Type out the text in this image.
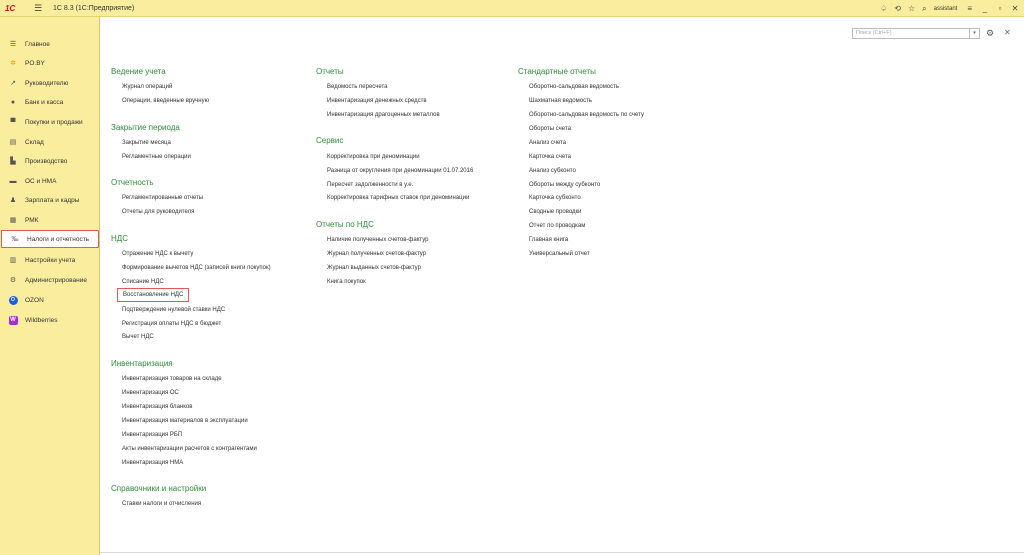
1С	☰ 1С 8.3 (1С:Предприятие)	♤ ⟲ ☆ ⌕ assistant ≡	_	▫	✕
☰ Главное
✲	PO.BY
↗	Руководителю
●	Банк и касса
▀	Покупки и продажи
▤ Склад
▙	Производство
▬ ОС и НМА
♟ Зарплата и кадры
▦ РМК
‰ Налоги и отчетность
▥ Настройки учета
⚙ Администрирование
O	OZON
W Wildberries
Поиск (Ctrl+F)	▾	⚙ ✕
Ведение учета
Журнал операций
Операции, введенные вручную
Закрытие периода
Закрытие месяца
Регламентные операции
Отчетность
Регламентированные отчеты
Отчеты для руководителя
НДС
Отражение НДС к вычету
Формирование вычетов НДС (записей книги покупок)
Списание НДС
Восстановление НДС
Подтверждение нулевой ставки НДС
Регистрация оплаты НДС в бюджет
Вычет НДС
Инвентаризация
Инвентаризация товаров на складе
Инвентаризация ОС
Инвентаризация бланков
Инвентаризация материалов в эксплуатации
Инвентаризация РБП
Акты инвентаризации расчетов с контрагентами
Инвентаризация НМА
Справочники и настройки
Ставки налоги и отчисления
Отчеты
Ведомость пересчета
Инвентаризация денежных средств
Инвентаризация драгоценных металлов
Сервис
Корректировка при деноминации
Разница от округления при деноминации 01.07.2016
Пересчет задолженности в у.е.
Корректировка тарифных ставок при деноминации
Отчеты по НДС
Наличие полученных счетов-фактур
Журнал полученных счетов-фактур
Журнал выданных счетов-фактур
Книга покупок
Стандартные отчеты
Оборотно-сальдовая ведомость
Шахматная ведомость
Оборотно-сальдовая ведомость по счету
Обороты счета
Анализ счета
Карточка счета
Анализ субконто
Обороты между субконто
Карточка субконто
Сводные проводки
Отчет по проводкам
Главная книга
Универсальный отчет
